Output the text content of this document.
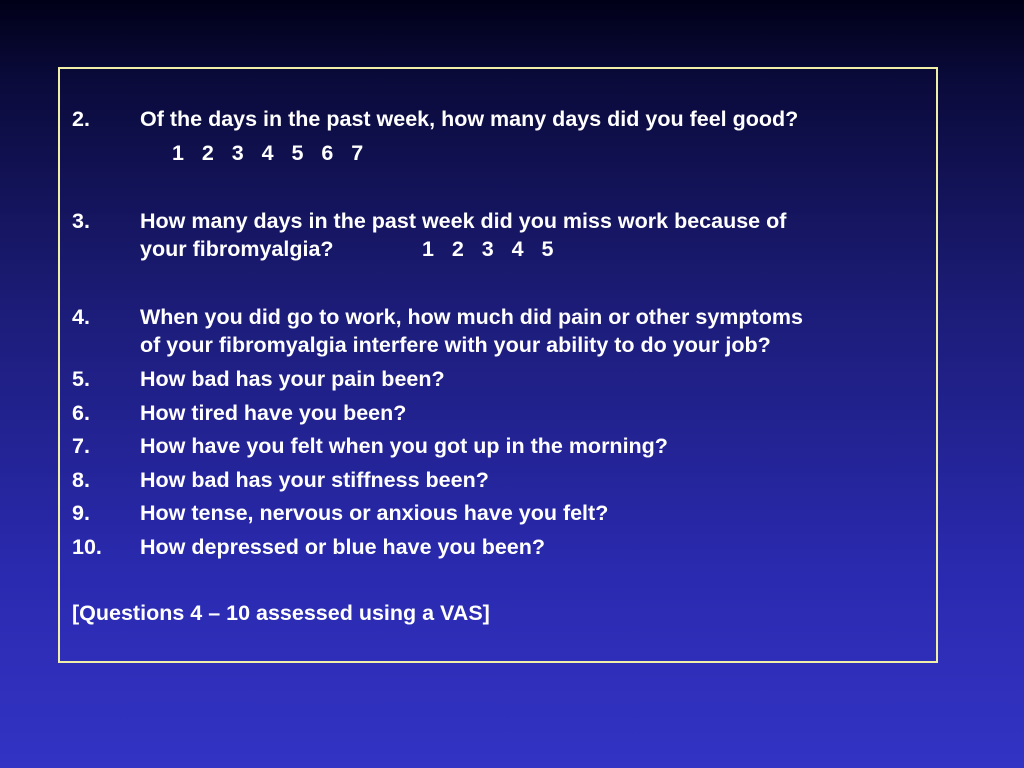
2. Of the days in the past week, how many days did you feel good?
1   2   3   4   5   6   7
3. How many days in the past week did you miss work because of
your fibromyalgia?	1   2   3   4   5
4. When you did go to work, how much did pain or other symptoms
of your fibromyalgia interfere with your ability to do your job?
5. How bad has your pain been?
6. How tired have you been?
7. How have you felt when you got up in the morning?
8. How bad has your stiffness been?
9. How tense, nervous or anxious have you felt?
10. How depressed or blue have you been?
[Questions 4 – 10 assessed using a VAS]
